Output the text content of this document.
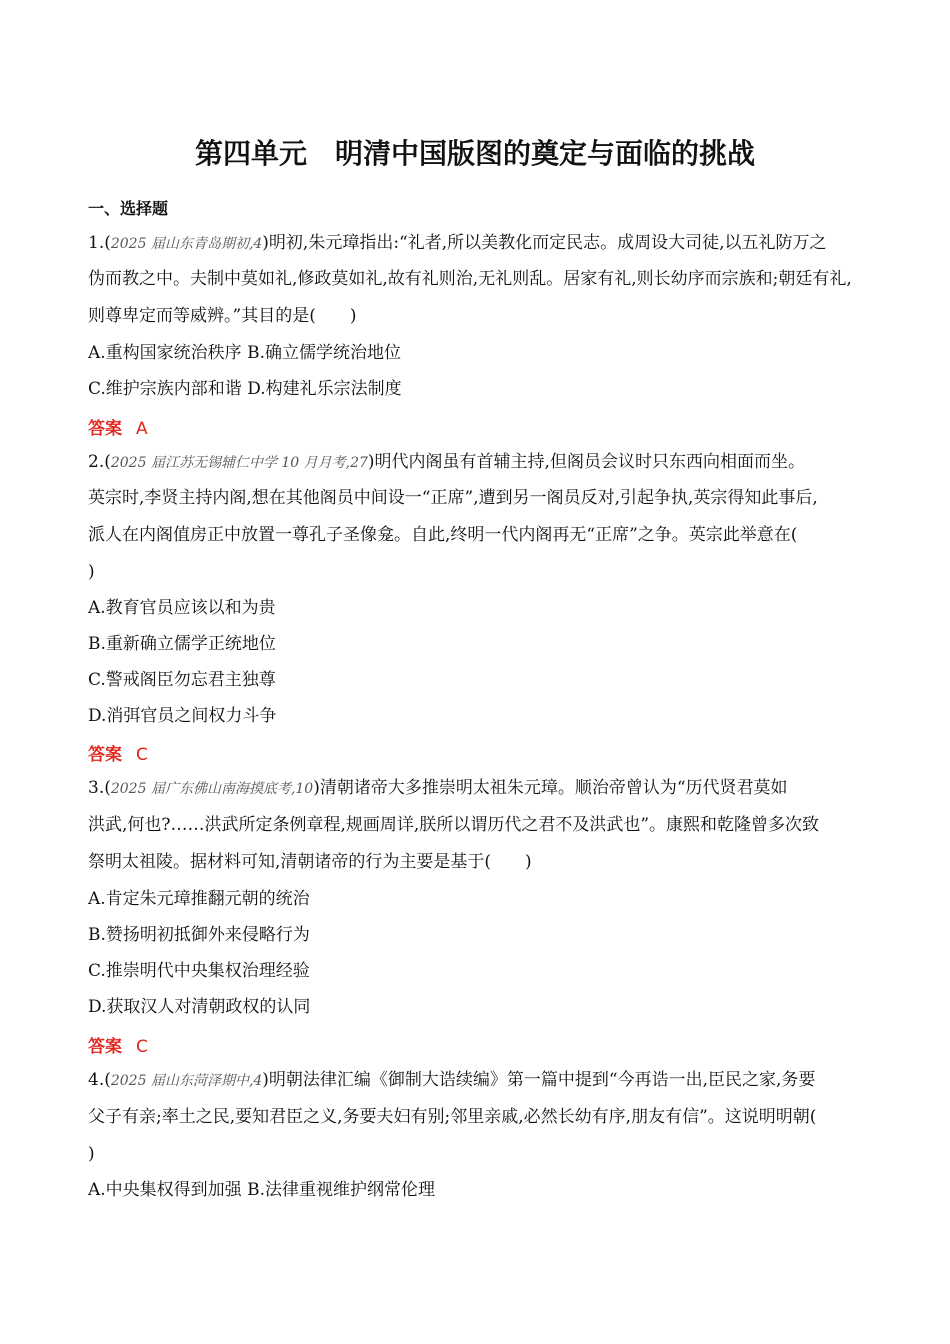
第四单元　明清中国版图的奠定与面临的挑战
一、选择题
1.(2025 届山东青岛期初,4)明初,朱元璋指出:“礼者,所以美教化而定民志。成周设大司徒,以五礼防万之
伪而教之中。夫制中莫如礼,修政莫如礼,故有礼则治,无礼则乱。居家有礼,则长幼序而宗族和;朝廷有礼,
则尊卑定而等威辨。”其目的是(　　)
A.重构国家统治秩序 B.确立儒学统治地位
C.维护宗族内部和谐 D.构建礼乐宗法制度
答案 A
2.(2025 届江苏无锡辅仁中学 10 月月考,27)明代内阁虽有首辅主持,但阁员会议时只东西向相面而坐。
英宗时,李贤主持内阁,想在其他阁员中间设一“正席”,遭到另一阁员反对,引起争执,英宗得知此事后,
派人在内阁值房正中放置一尊孔子圣像龛。自此,终明一代内阁再无“正席”之争。英宗此举意在(
)
A.教育官员应该以和为贵
B.重新确立儒学正统地位
C.警戒阁臣勿忘君主独尊
D.消弭官员之间权力斗争
答案 C
3.(2025 届广东佛山南海摸底考,10)清朝诸帝大多推崇明太祖朱元璋。顺治帝曾认为“历代贤君莫如
洪武,何也?……洪武所定条例章程,规画周详,朕所以谓历代之君不及洪武也”。康熙和乾隆曾多次致
祭明太祖陵。据材料可知,清朝诸帝的行为主要是基于(　　)
A.肯定朱元璋推翻元朝的统治
B.赞扬明初抵御外来侵略行为
C.推崇明代中央集权治理经验
D.获取汉人对清朝政权的认同
答案 C
4.(2025 届山东菏泽期中,4)明朝法律汇编《御制大诰续编》第一篇中提到“今再诰一出,臣民之家,务要
父子有亲;率土之民,要知君臣之义,务要夫妇有别;邻里亲戚,必然长幼有序,朋友有信”。这说明明朝(
)
A.中央集权得到加强 B.法律重视维护纲常伦理
